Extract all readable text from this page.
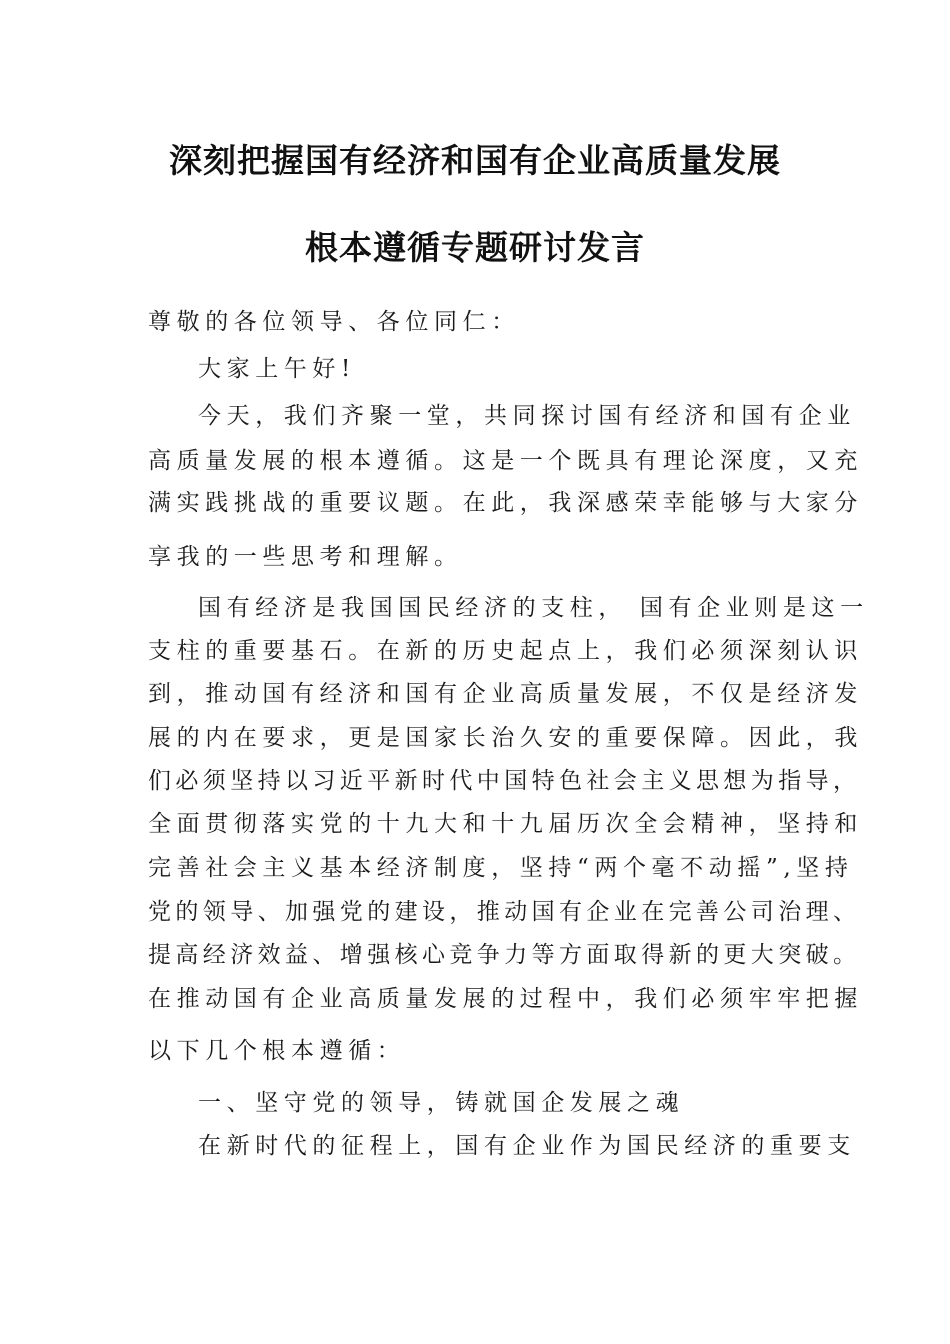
深刻把握国有经济和国有企业高质量发展
根本遵循专题研讨发言
尊敬的各位领导、各位同仁：
大家上午好!
今天，我们齐聚一堂，共同探讨国有经济和国有企业
高质量发展的根本遵循。这是一个既具有理论深度，又充
满实践挑战的重要议题。在此，我深感荣幸能够与大家分
享我的一些思考和理解。
国有经济是我国国民经济的支柱， 国有企业则是这一
支柱的重要基石。在新的历史起点上，我们必须深刻认识
到，推动国有经济和国有企业高质量发展，不仅是经济发
展的内在要求，更是国家长治久安的重要保障。因此，我
们必须坚持以习近平新时代中国特色社会主义思想为指导，
全面贯彻落实党的十九大和十九届历次全会精神，坚持和
完善社会主义基本经济制度，坚持“两个毫不动摇”,坚持
党的领导、加强党的建设，推动国有企业在完善公司治理、
提高经济效益、增强核心竞争力等方面取得新的更大突破。
在推动国有企业高质量发展的过程中，我们必须牢牢把握
以下几个根本遵循：
一、坚守党的领导，铸就国企发展之魂
在新时代的征程上，国有企业作为国民经济的重要支
